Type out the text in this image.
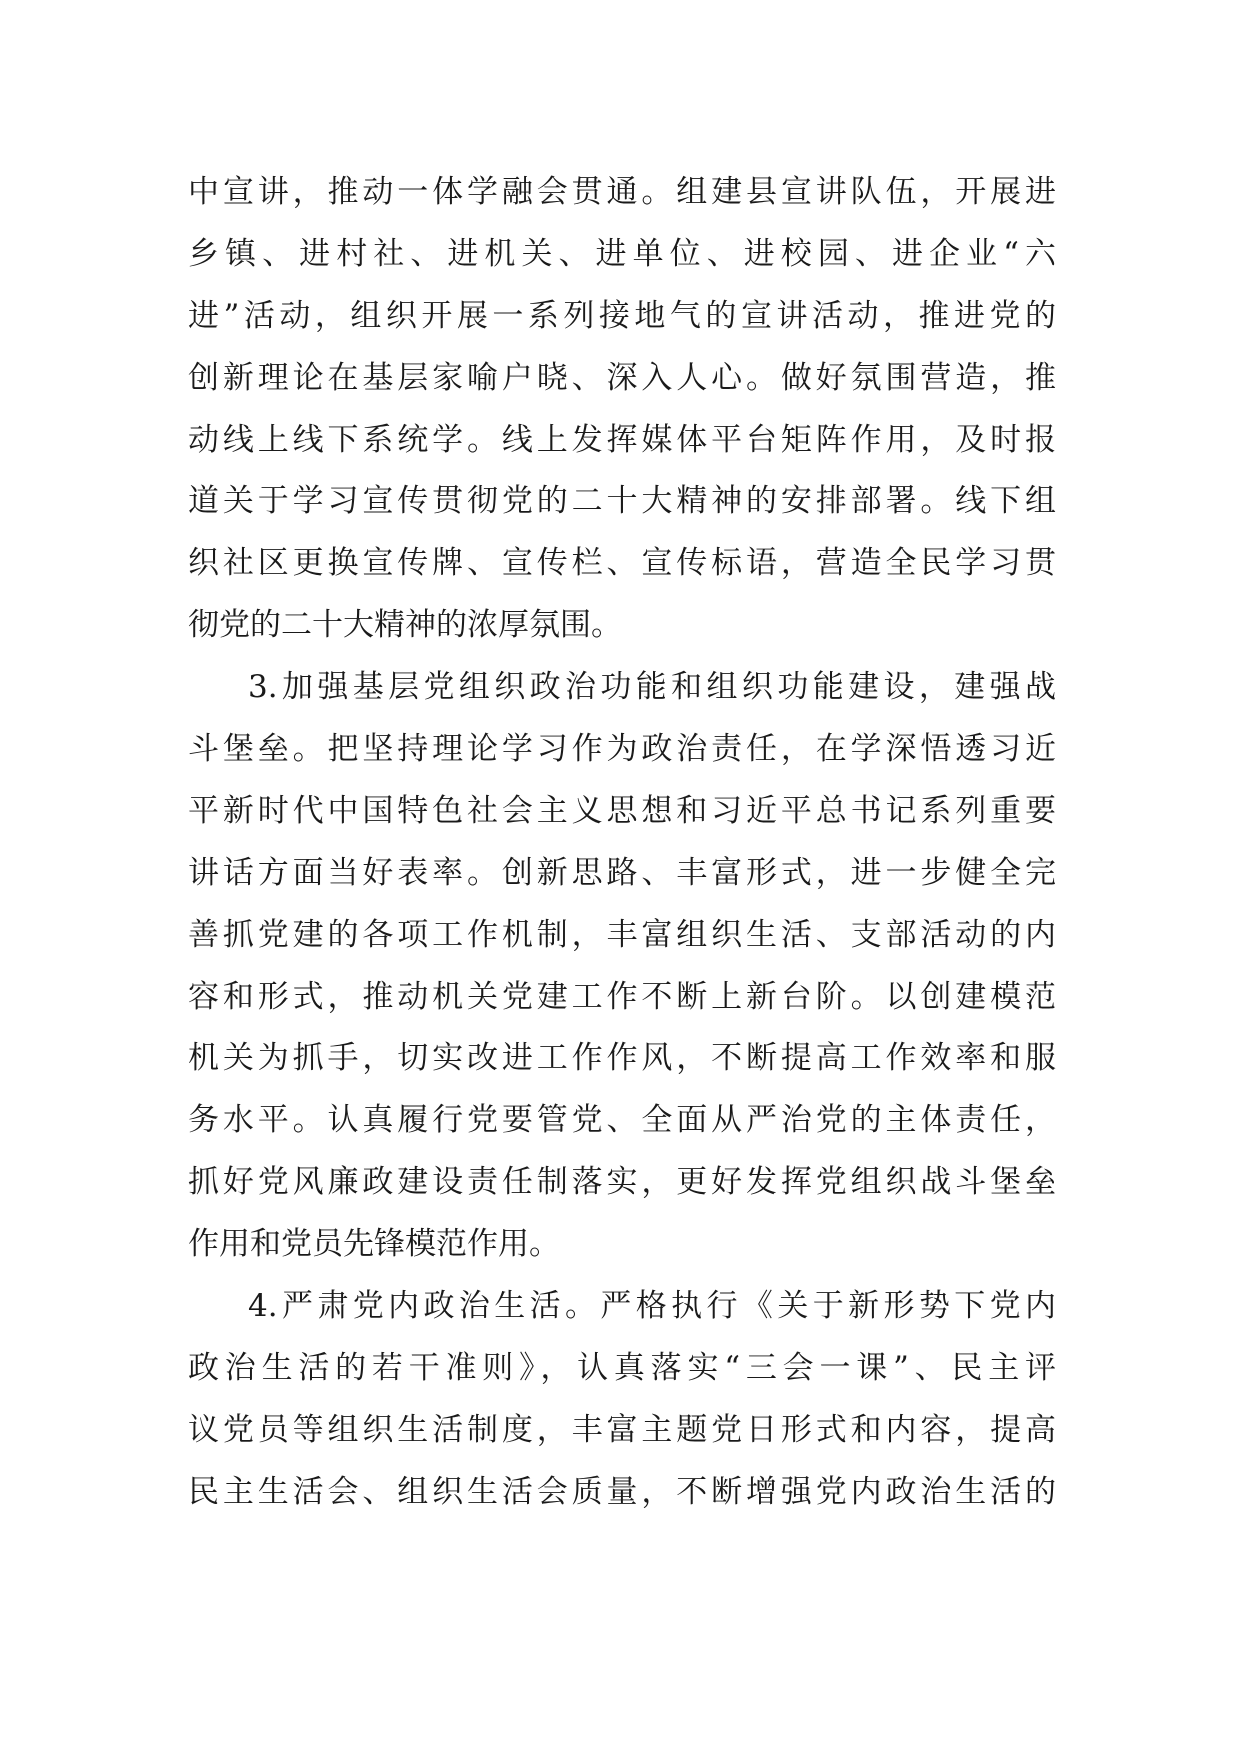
中宣讲，推动一体学融会贯通。组建县宣讲队伍，开展进
乡镇、进村社、进机关、进单位、进校园、进企业“六
进”活动，组织开展一系列接地气的宣讲活动，推进党的
创新理论在基层家喻户晓、深入人心。做好氛围营造，推
动线上线下系统学。线上发挥媒体平台矩阵作用，及时报
道关于学习宣传贯彻党的二十大精神的安排部署。线下组
织社区更换宣传牌、宣传栏、宣传标语，营造全民学习贯
彻党的二十大精神的浓厚氛围。
3.加强基层党组织政治功能和组织功能建设，建强战
斗堡垒。把坚持理论学习作为政治责任，在学深悟透习近
平新时代中国特色社会主义思想和习近平总书记系列重要
讲话方面当好表率。创新思路、丰富形式，进一步健全完
善抓党建的各项工作机制，丰富组织生活、支部活动的内
容和形式，推动机关党建工作不断上新台阶。以创建模范
机关为抓手，切实改进工作作风，不断提高工作效率和服
务水平。认真履行党要管党、全面从严治党的主体责任，
抓好党风廉政建设责任制落实，更好发挥党组织战斗堡垒
作用和党员先锋模范作用。
4.严肃党内政治生活。严格执行《关于新形势下党内
政治生活的若干准则》，认真落实“三会一课”、民主评
议党员等组织生活制度，丰富主题党日形式和内容，提高
民主生活会、组织生活会质量，不断增强党内政治生活的
